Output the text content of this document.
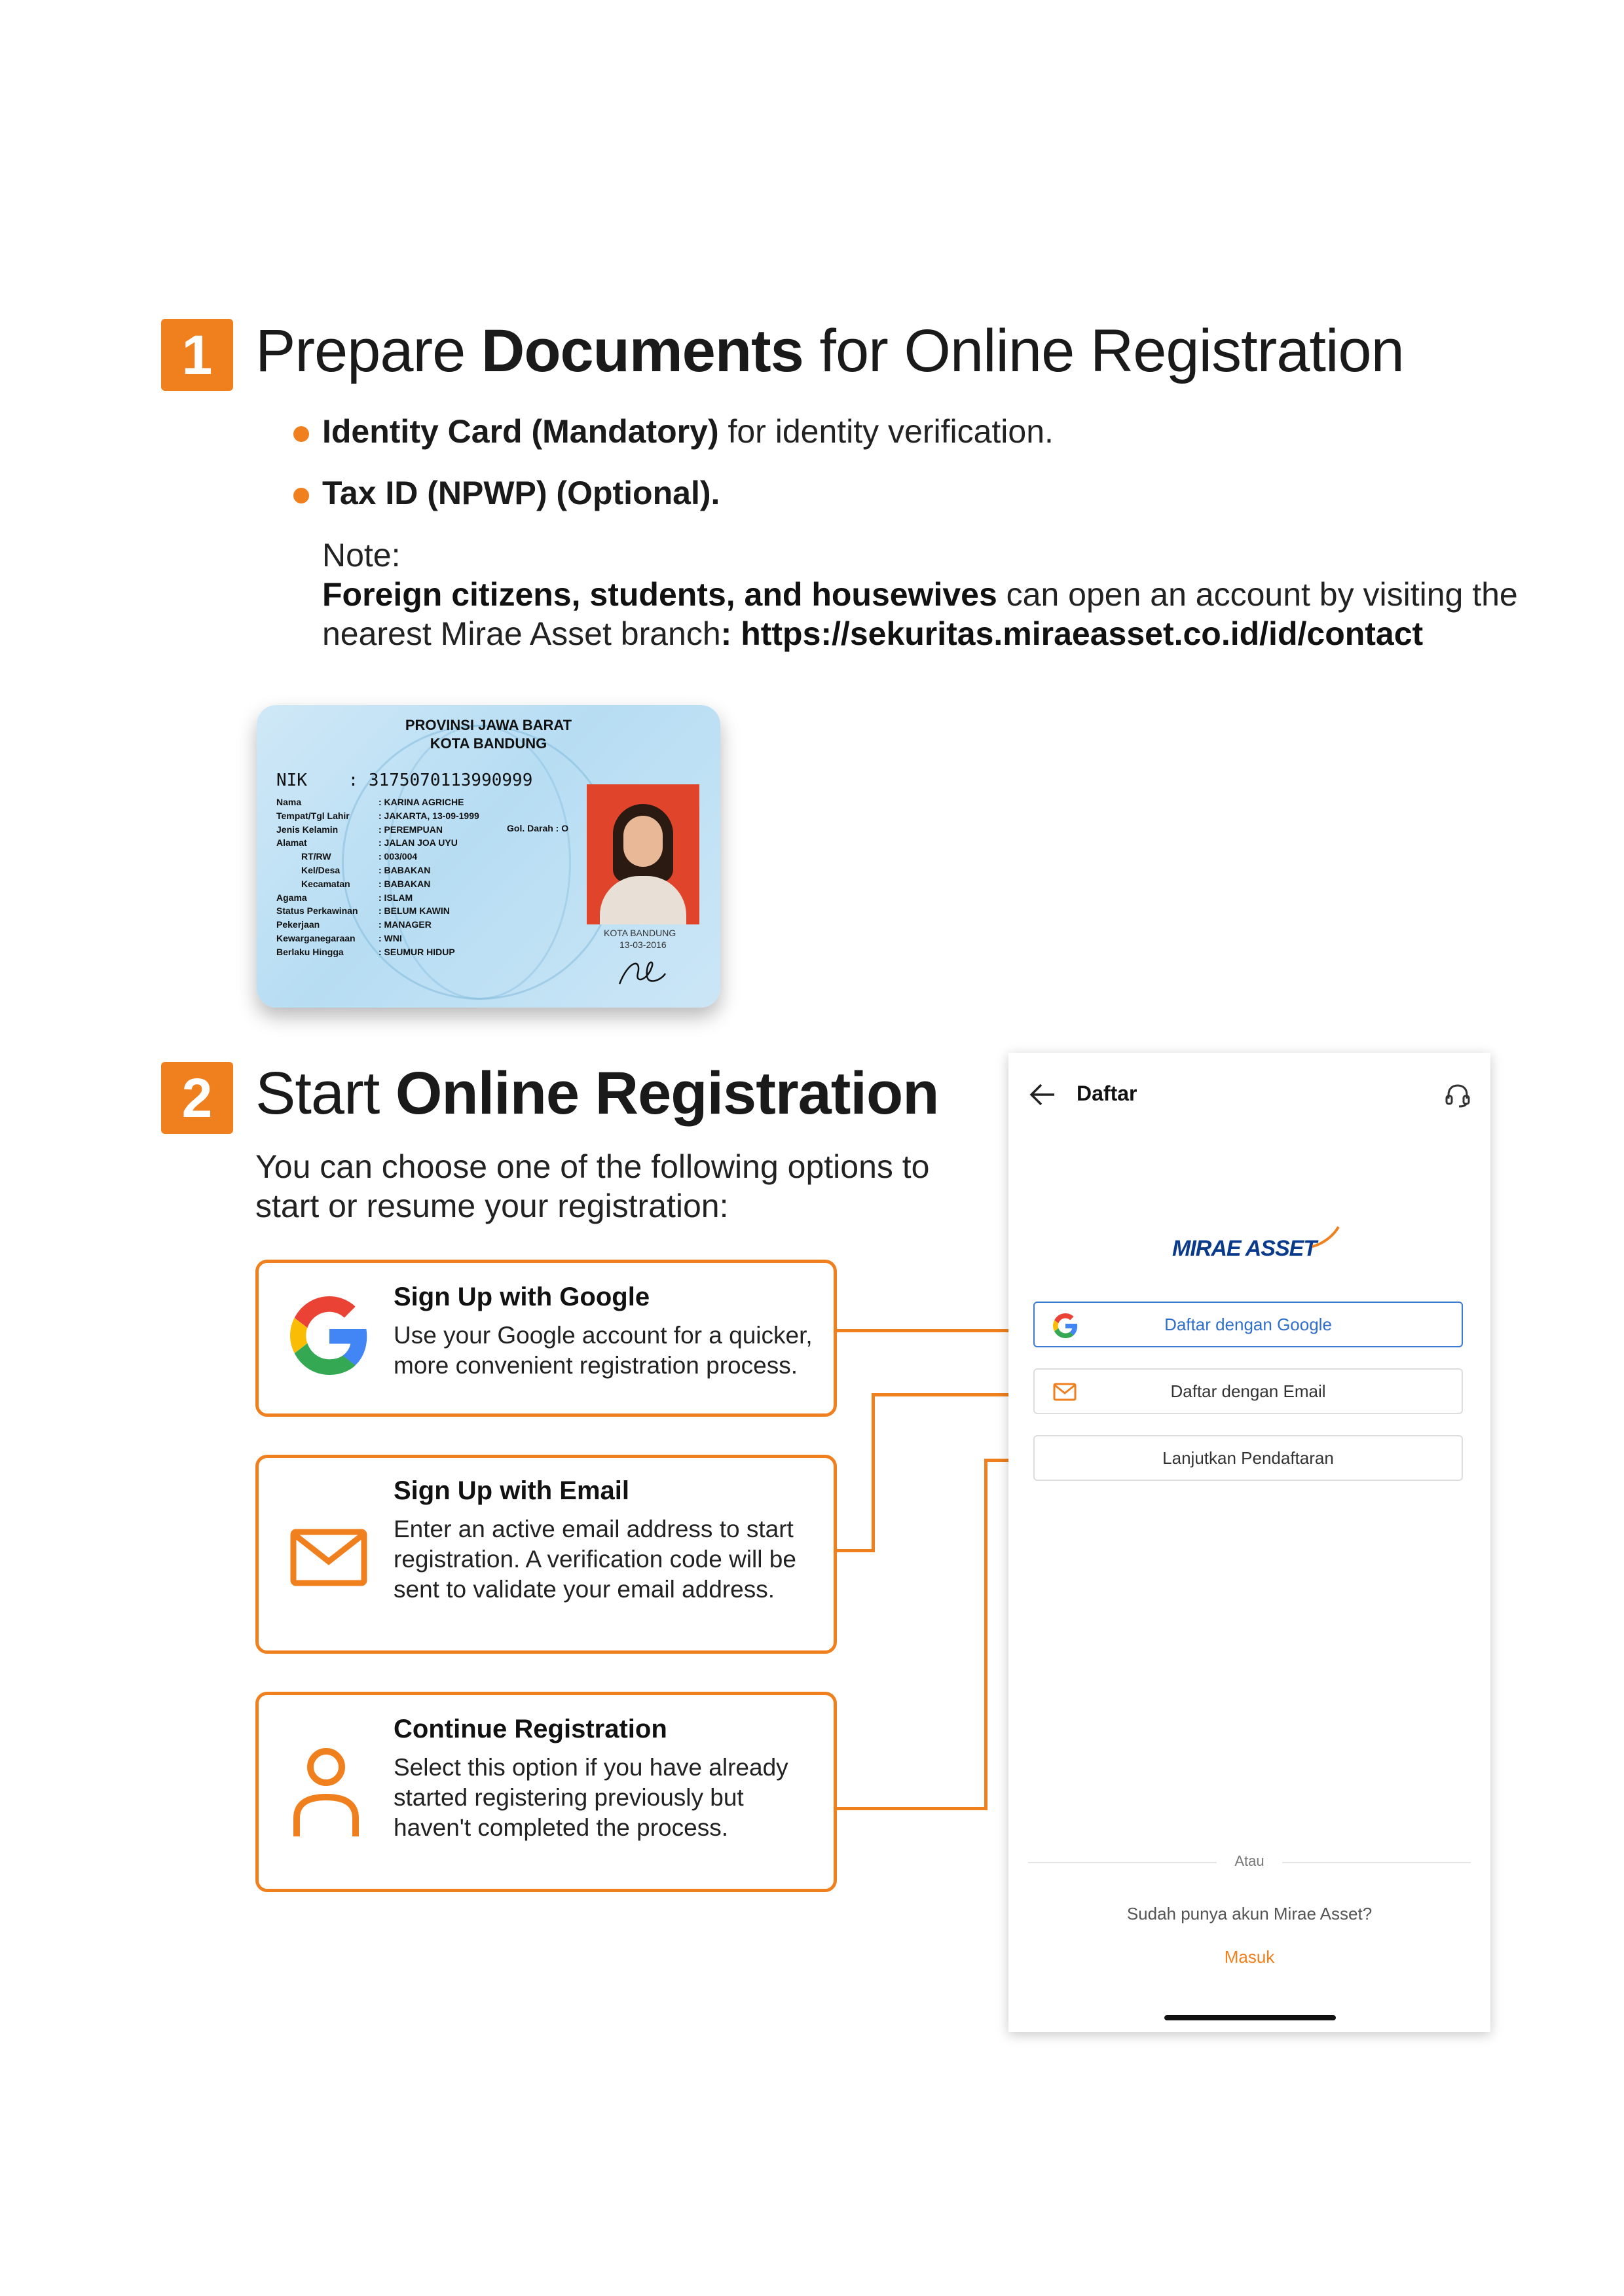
1 Prepare Documents for Online Registration
Identity Card (Mandatory) for identity verification.
Tax ID (NPWP) (Optional).
Note:
Foreign citizens, students, and housewives can open an account by visiting the
nearest Mirae Asset branch: https://sekuritas.miraeasset.co.id/id/contact
PROVINSI JAWA BARAT
KOTA BANDUNG
NIK : 3175070113990999
Nama	: KARINA AGRICHE
Tempat/Tgl Lahir	: JAKARTA, 13-09-1999
Jenis Kelamin	: PEREMPUAN
Alamat	: JALAN JOA UYU
RT/RW	: 003/004
Kel/Desa	: BABAKAN
Kecamatan	: BABAKAN
Agama	: ISLAM
Status Perkawinan : BELUM KAWIN
Pekerjaan	: MANAGER
Kewarganegaraan	: WNI
Berlaku Hingga	: SEUMUR HIDUP
Gol. Darah : O
KOTA BANDUNG
13-03-2016
2 Start Online Registration
You can choose one of the following options to
start or resume your registration:
Sign Up with Google
Use your Google account for a quicker,
more convenient registration process.
Sign Up with Email
Enter an active email address to start
registration. A verification code will be
sent to validate your email address.
Continue Registration
Select this option if you have already
started registering previously but
haven't completed the process.
Daftar
MIRAE ASSET
Daftar dengan Google
Daftar dengan Email
Lanjutkan Pendaftaran
Atau
Sudah punya akun Mirae Asset?
Masuk
